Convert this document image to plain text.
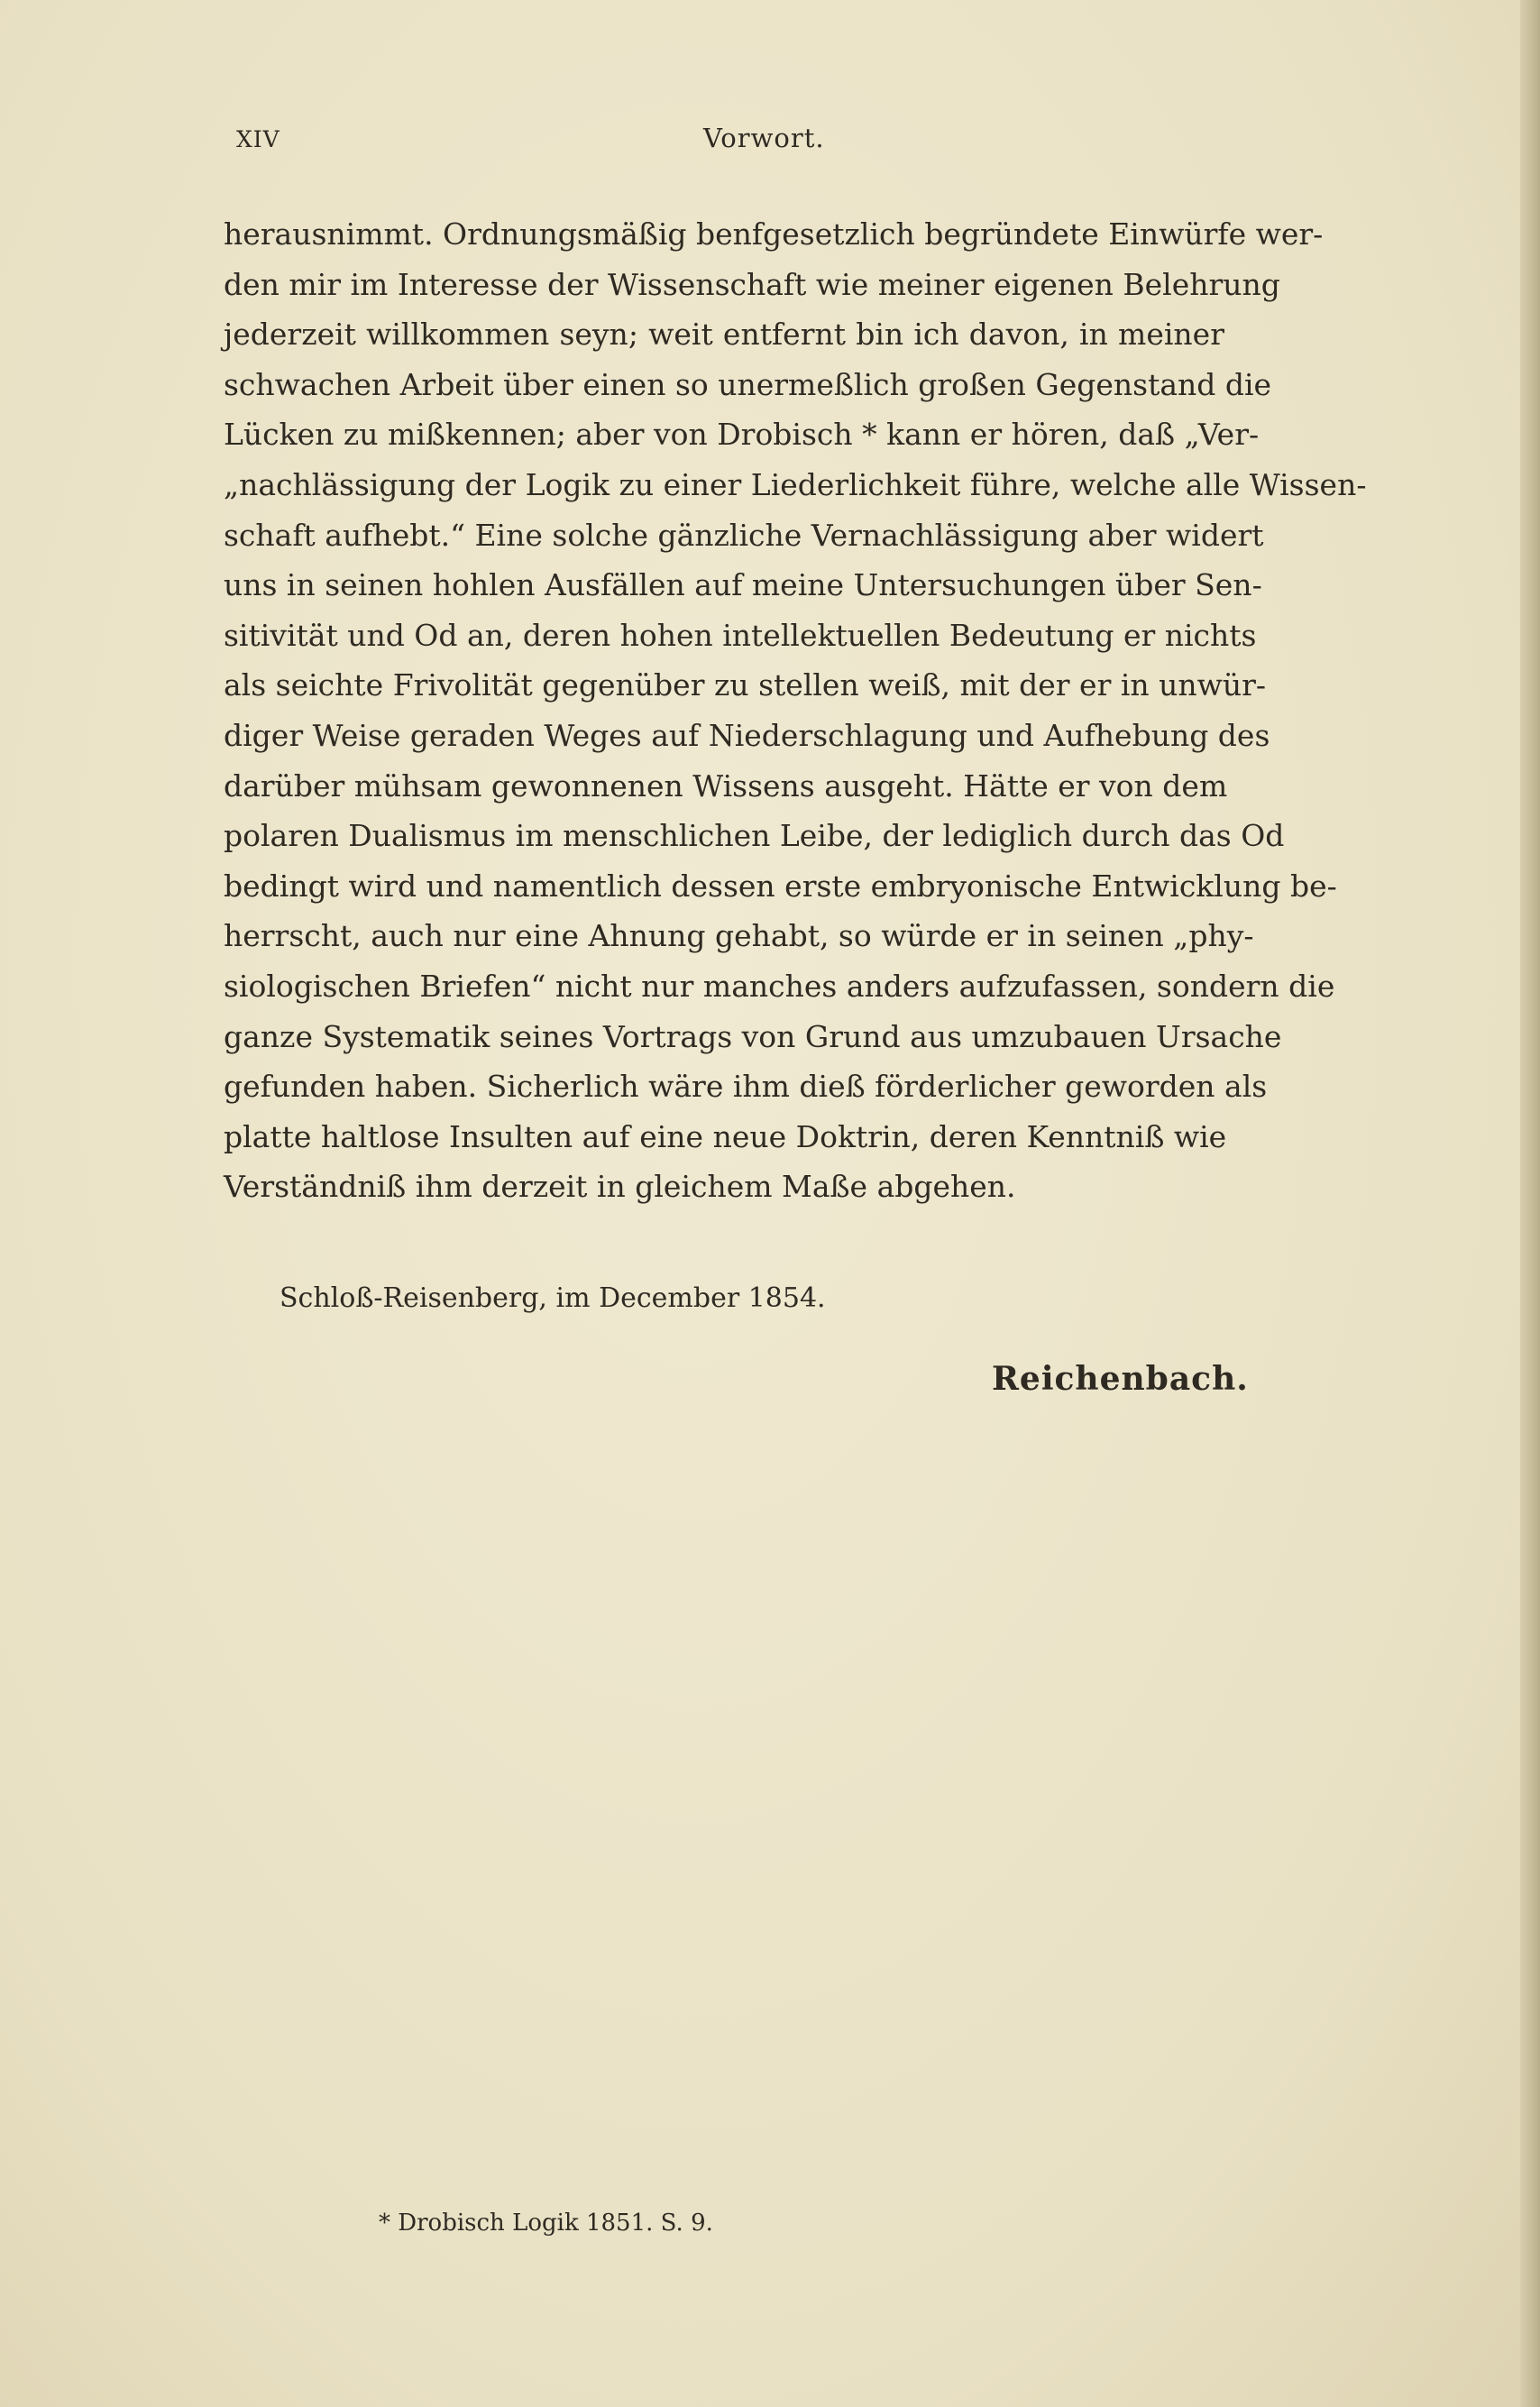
XIV	Vorwort.
herausnimmt. Ordnungsmäßig benfgesetzlich begründete Einwürfe wer-
den mir im Interesse der Wissenschaft wie meiner eigenen Belehrung
jederzeit willkommen seyn; weit entfernt bin ich davon, in meiner
schwachen Arbeit über einen so unermeßlich großen Gegenstand die
Lücken zu mißkennen; aber von Drobisch * kann er hören, daß „Ver-
„nachlässigung der Logik zu einer Liederlichkeit führe, welche alle Wissen-
schaft aufhebt.“ Eine solche gänzliche Vernachlässigung aber widert
uns in seinen hohlen Ausfällen auf meine Untersuchungen über Sen-
sitivität und Od an, deren hohen intellektuellen Bedeutung er nichts
als seichte Frivolität gegenüber zu stellen weiß, mit der er in unwür-
diger Weise geraden Weges auf Niederschlagung und Aufhebung des
darüber mühsam gewonnenen Wissens ausgeht. Hätte er von dem
polaren Dualismus im menschlichen Leibe, der lediglich durch das Od
bedingt wird und namentlich dessen erste embryonische Entwicklung be-
herrscht, auch nur eine Ahnung gehabt, so würde er in seinen „phy-
siologischen Briefen“ nicht nur manches anders aufzufassen, sondern die
ganze Systematik seines Vortrags von Grund aus umzubauen Ursache
gefunden haben. Sicherlich wäre ihm dieß förderlicher geworden als
platte haltlose Insulten auf eine neue Doktrin, deren Kenntniß wie
Verständniß ihm derzeit in gleichem Maße abgehen.
Schloß-Reisenberg, im December 1854.
Reichenbach.
* Drobisch Logik 1851. S. 9.
